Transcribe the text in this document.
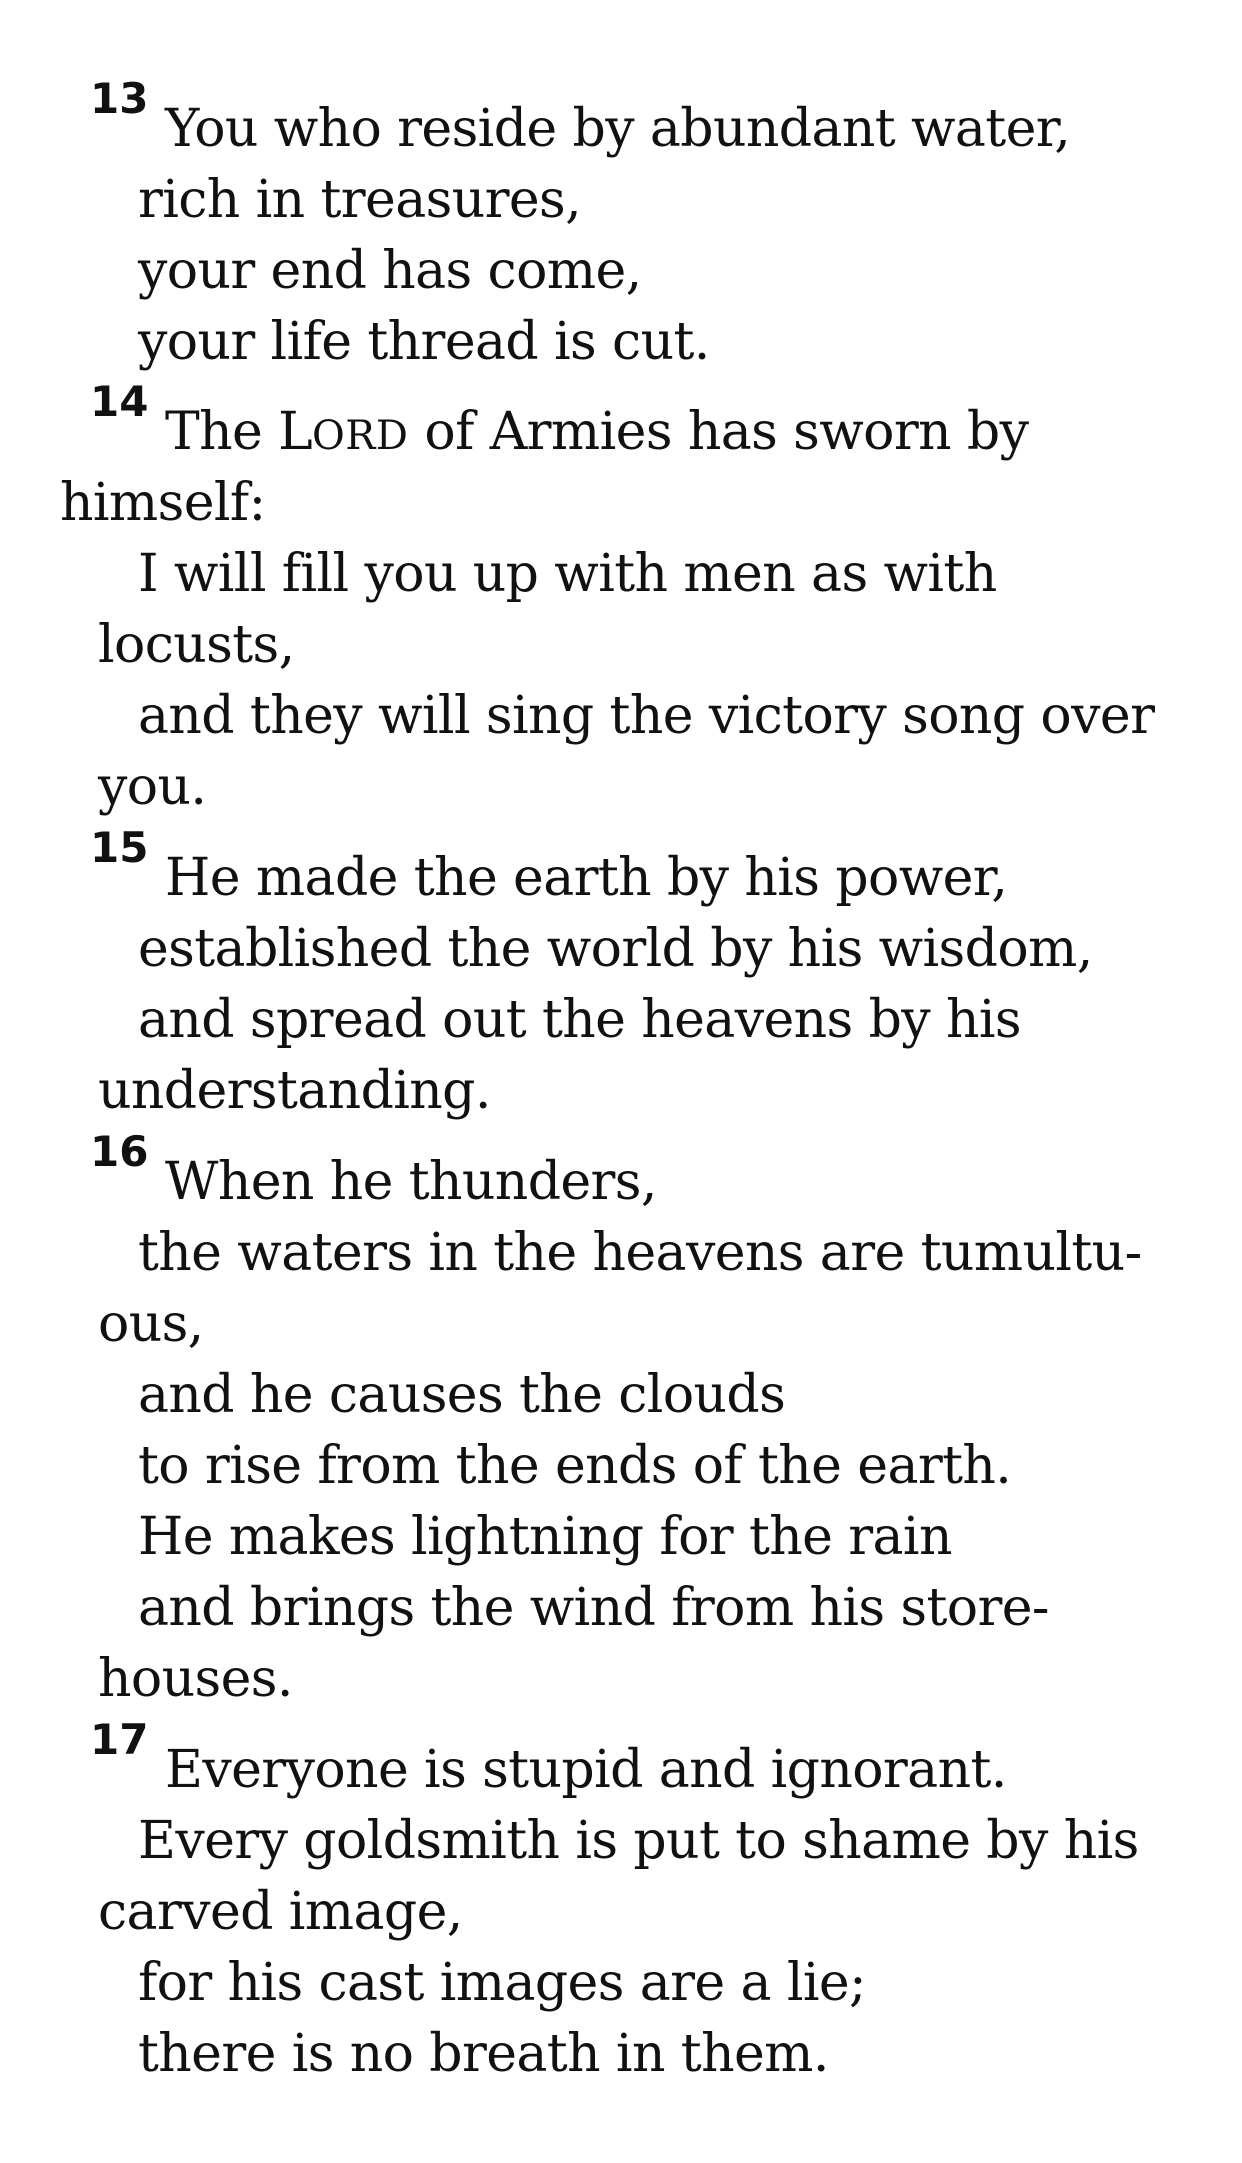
13
You who reside by abundant water,
rich in treasures,
your end has come,
your life thread is cut.
14
The LORD of Armies has sworn by
himself:
I will fill you up with men as with
locusts,
and they will sing the victory song over
you.
15
He made the earth by his power,
established the world by his wisdom,
and spread out the heavens by his
understanding.
16
When he thunders,
the waters in the heavens are tumultu-
ous,
and he causes the clouds
to rise from the ends of the earth.
He makes lightning for the rain
and brings the wind from his store-
houses.
17
Everyone is stupid and ignorant.
Every goldsmith is put to shame by his
carved image,
for his cast images are a lie;
there is no breath in them.
